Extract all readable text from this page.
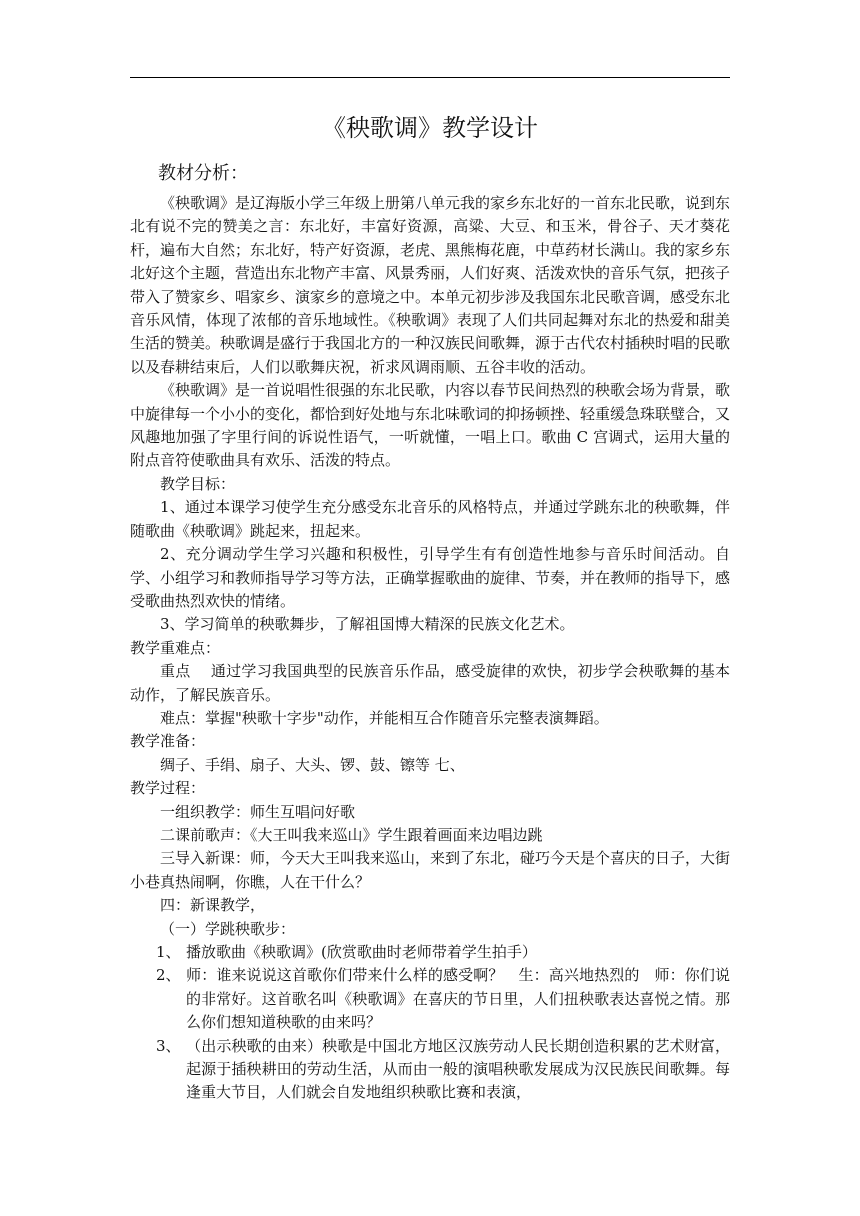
《秧歌调》教学设计
教材分析：

《秧歌调》是辽海版小学三年级上册第八单元我的家乡东北好的一首东北民歌，说到东北有说不完的赞美之言：东北好，丰富好资源，高粱、大豆、和玉米，骨谷子、天才葵花杆，遍布大自然；东北好，特产好资源，老虎、黑熊梅花鹿，中草药材长满山。我的家乡东北好这个主题，营造出东北物产丰富、风景秀丽，人们好爽、活泼欢快的音乐气氛，把孩子带入了赞家乡、唱家乡、演家乡的意境之中。本单元初步涉及我国东北民歌音调，感受东北音乐风情，体现了浓郁的音乐地域性。《秧歌调》表现了人们共同起舞对东北的热爱和甜美生活的赞美。秧歌调是盛行于我国北方的一种汉族民间歌舞，源于古代农村插秧时唱的民歌以及春耕结束后，人们以歌舞庆祝，祈求风调雨顺、五谷丰收的活动。

《秧歌调》是一首说唱性很强的东北民歌，内容以春节民间热烈的秧歌会场为背景，歌中旋律每一个小小的变化，都恰到好处地与东北味歌词的抑扬顿挫、轻重缓急珠联璧合，又风趣地加强了字里行间的诉说性语气，一听就懂，一唱上口。歌曲 C 宫调式，运用大量的附点音符使歌曲具有欢乐、活泼的特点。

教学目标：

1、通过本课学习使学生充分感受东北音乐的风格特点，并通过学跳东北的秧歌舞，伴随歌曲《秧歌调》跳起来，扭起来。

2、充分调动学生学习兴趣和积极性，引导学生有有创造性地参与音乐时间活动。自学、小组学习和教师指导学习等方法，正确掌握歌曲的旋律、节奏，并在教师的指导下，感受歌曲热烈欢快的情绪。

3、学习简单的秧歌舞步，了解祖国博大精深的民族文化艺术。

教学重难点：

重点　 通过学习我国典型的民族音乐作品，感受旋律的欢快，初步学会秧歌舞的基本动作，了解民族音乐。

难点：掌握"秧歌十字步"动作，并能相互合作随音乐完整表演舞蹈。

教学准备：

绸子、手绢、扇子、大头、锣、鼓、镲等 七、

教学过程：

一组织教学：师生互唱问好歌

二课前歌声：《大王叫我来巡山》学生跟着画面来边唱边跳

三导入新课：师，今天大王叫我来巡山，来到了东北，碰巧今天是个喜庆的日子，大街小巷真热闹啊，你瞧，人在干什么？

四：新课教学，

（一）学跳秧歌步：

1、 播放歌曲《秧歌调》(欣赏歌曲时老师带着学生拍手）

2、 师：谁来说说这首歌你们带来什么样的感受啊？　生：高兴地热烈的　师：你们说的非常好。这首歌名叫《秧歌调》在喜庆的节日里，人们扭秧歌表达喜悦之情。那么你们想知道秧歌的由来吗？

3、 （出示秧歌的由来）秧歌是中国北方地区汉族劳动人民长期创造积累的艺术财富，起源于插秧耕田的劳动生活，从而由一般的演唱秧歌发展成为汉民族民间歌舞。每逢重大节目，人们就会自发地组织秧歌比赛和表演，
